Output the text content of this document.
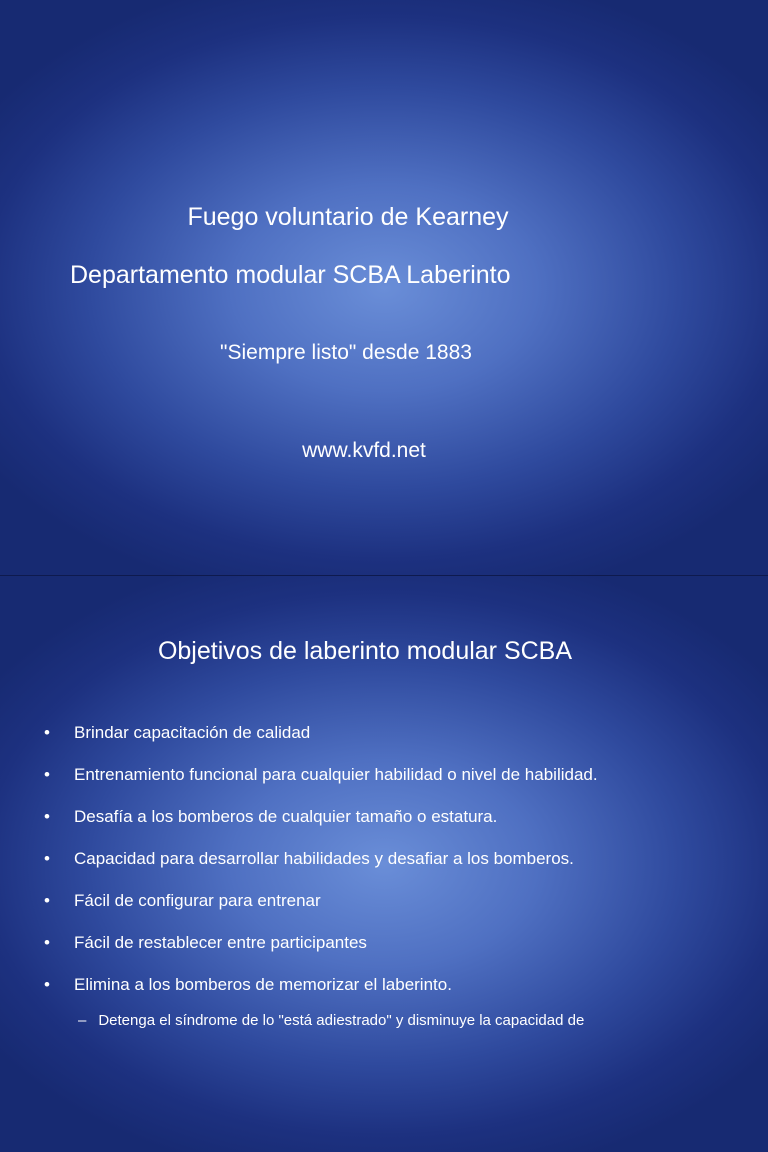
Fuego voluntario de Kearney

Departamento modular SCBA Laberinto

"Siempre listo" desde 1883

www.kvfd.net

Objetivos de laberinto modular SCBA

• Brindar capacitación de calidad
• Entrenamiento funcional para cualquier habilidad o nivel de habilidad.
• Desafía a los bomberos de cualquier tamaño o estatura.
• Capacidad para desarrollar habilidades y desafiar a los bomberos.
• Fácil de configurar para entrenar
• Fácil de restablecer entre participantes
• Elimina a los bomberos de memorizar el laberinto.
– Detenga el síndrome de lo "está adiestrado" y disminuye la capacidad de
